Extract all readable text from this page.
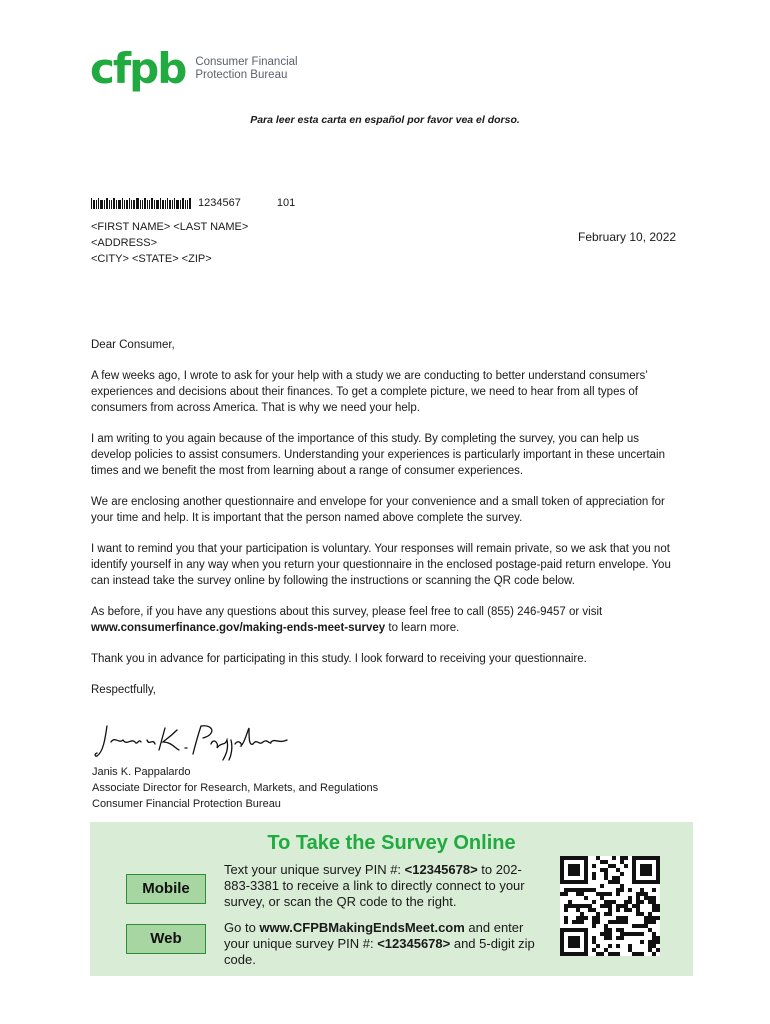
cfpb Consumer Financial
Protection Bureau
Para leer esta carta en español por favor vea el dorso.
1234567	101
<FIRST NAME> <LAST NAME>
<ADDRESS>
<CITY> <STATE> <ZIP>
February 10, 2022

Dear Consumer,

A few weeks ago, I wrote to ask for your help with a study we are conducting to better understand consumers’ experiences and decisions about their finances. To get a complete picture, we need to hear from all types of consumers from across America. That is why we need your help.

I am writing to you again because of the importance of this study. By completing the survey, you can help us develop policies to assist consumers. Understanding your experiences is particularly important in these uncertain times and we benefit the most from learning about a range of consumer experiences.

We are enclosing another questionnaire and envelope for your convenience and a small token of appreciation for your time and help. It is important that the person named above complete the survey.

I want to remind you that your participation is voluntary. Your responses will remain private, so we ask that you not identify yourself in any way when you return your questionnaire in the enclosed postage-paid return envelope. You can instead take the survey online by following the instructions or scanning the QR code below.

As before, if you have any questions about this survey, please feel free to call (855) 246-9457 or visit www.consumerfinance.gov/making-ends-meet-survey to learn more.

Thank you in advance for participating in this study. I look forward to receiving your questionnaire.

Respectfully,

Janis K. Pappalardo
Associate Director for Research, Markets, and Regulations
Consumer Financial Protection Bureau
To Take the Survey Online
Mobile
Web
Text your unique survey PIN #: <12345678> to 202-883-3381 to receive a link to directly connect to your survey, or scan the QR code to the right.
Go to www.CFPBMakingEndsMeet.com and enter your unique survey PIN #: <12345678> and 5-digit zip code.
